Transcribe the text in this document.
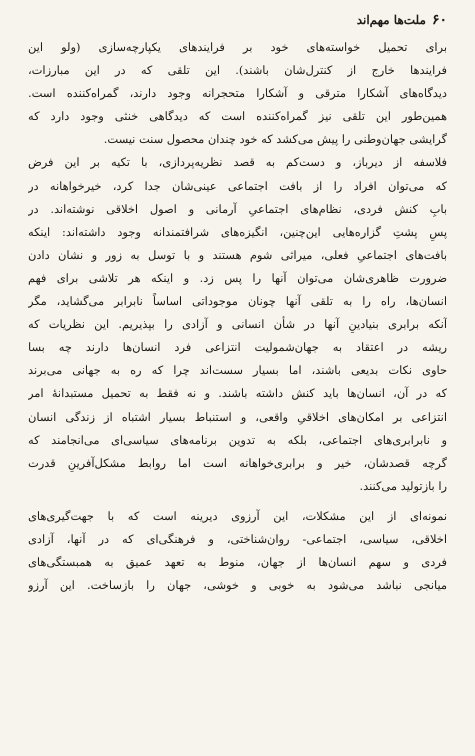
۶۰
ملت‌ها مهم‌اند
برای تحمیل خواسته‌های خود بر فرایندهای یکپارچه‌سازی (ولو این
فرایندها خارج از کنترل‌شان باشند). این تلقی که در این مبارزات،
دیدگاه‌های آشکارا مترقی و آشکارا متحجرانه وجود دارند، گمراه‌کننده است.
همین‌طور این تلقی نیز گمراه‌کننده است که دیدگاهی خنثی وجود دارد که
گرایشی جهان‌وطنی را پیش می‌کشد که خود چندان محصول سنت نیست.
فلاسفه از دیرباز، و دست‌کم به قصد نظریه‌پردازی، با تکیه بر این فرض
که می‌توان افراد را از بافت اجتماعی عینی‌شان جدا کرد، خیرخواهانه در
بابِ کنش فردی، نظام‌های اجتماعیِ آرمانی و اصول اخلاقی نوشته‌اند. در
پسِ پشتِ گزاره‌هایی این‌چنین، انگیزه‌های شرافتمندانه وجود داشته‌اند: اینکه
بافت‌های اجتماعیِ فعلی، میراثی شوم هستند و با توسل به زور و نشان دادن
ضرورت ظاهری‌شان می‌توان آنها را پس زد. و اینکه هر تلاشی برای فهم
انسان‌ها، راه را به تلقی آنها چونان موجوداتی اساساً نابرابر می‌گشاید، مگر
آنکه برابری بنیادینِ آنها در شأن انسانی و آزادی را بپذیریم. این نظریات که
ریشه در اعتقاد به جهان‌شمولیت انتزاعی فرد انسان‌ها دارند چه بسا
حاوی نکات بدیعی باشند، اما بسیار سست‌اند چرا که ره به جهانی می‌برند
که در آن، انسان‌ها باید کنش داشته باشند. و نه فقط به تحمیل مستبدانهٔ امر
انتزاعی بر امکان‌های اخلاقیِ واقعی، و استنباط بسیار اشتباه از زندگی انسان
و نابرابری‌های اجتماعی، بلکه به تدوین برنامه‌های سیاسی‌ای می‌انجامند که
گرچه قصدشان، خیر و برابری‌خواهانه است اما روابط مشکل‌آفرینِ قدرت
را بازتولید می‌کنند.
نمونه‌ای از این مشکلات، این آرزوی دیرینه است که با جهت‌گیری‌های
اخلاقی، سیاسی، اجتماعی- روان‌شناختی، و فرهنگی‌ای که در آنها، آزادی
فردی و سهم انسان‌ها از جهان، منوط به تعهد عمیق به همبستگی‌های
میانجی نباشد می‌شود به خوبی و خوشی، جهان را بازساخت. این آرزو
